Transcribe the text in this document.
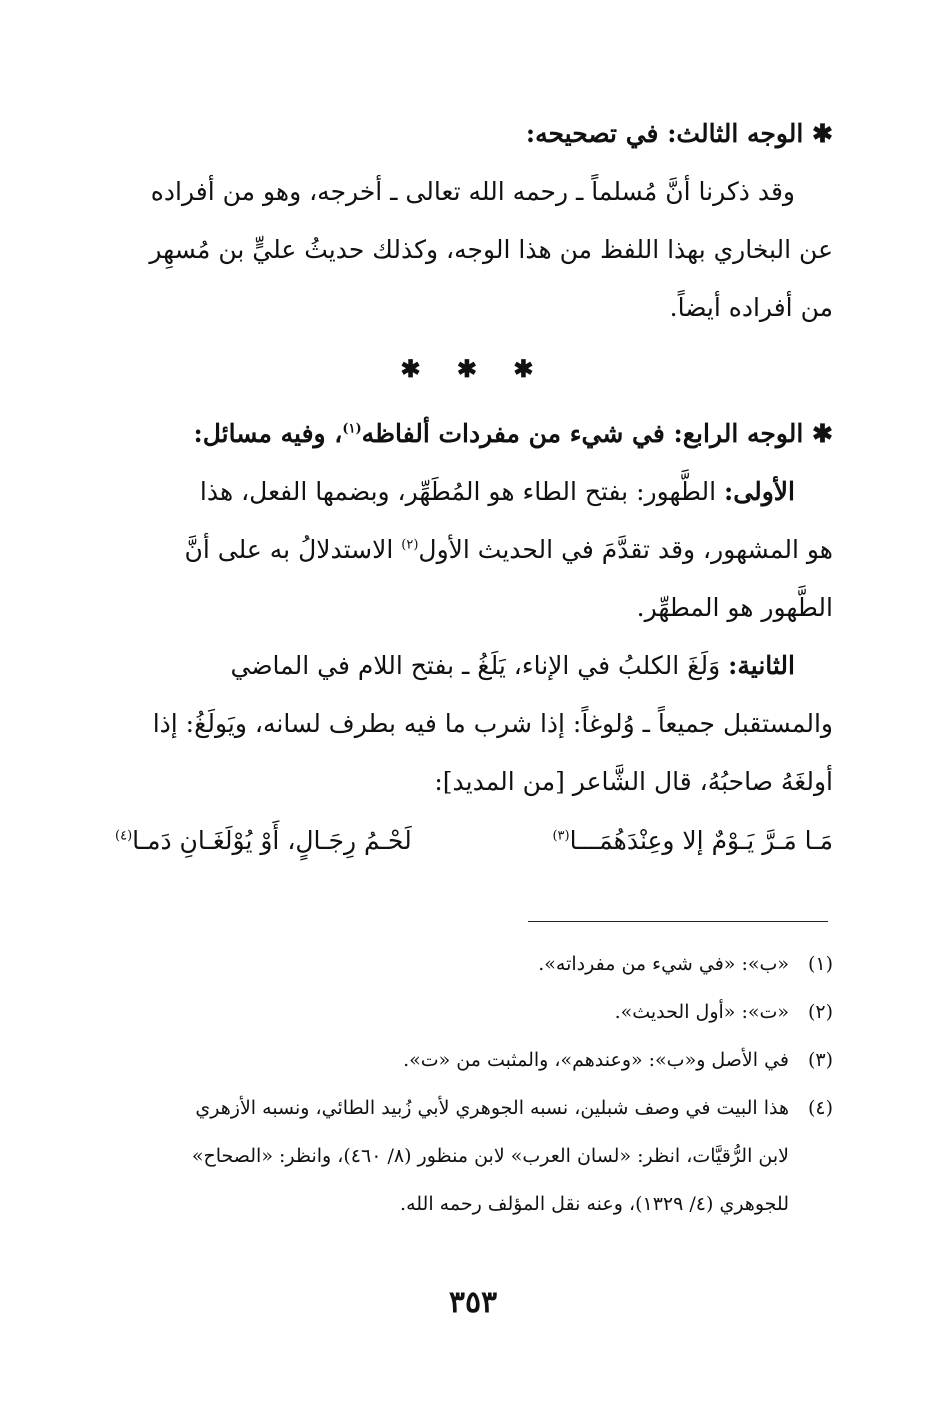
✱ الوجه الثالث: في تصحيحه:
وقد ذكرنا أنَّ مُسلماً ـ رحمه الله تعالى ـ أخرجه، وهو من أفراده
عن البخاري بهذا اللفظ من هذا الوجه، وكذلك حديثُ عليٍّ بن مُسهِر
من أفراده أيضاً.
✱ ✱ ✱
✱ الوجه الرابع: في شيء من مفردات ألفاظه$^{(١)}$، وفيه مسائل:
الأولى: الطَّهور: بفتح الطاء هو المُطَهِّر، وبضمها الفعل، هذا
هو المشهور، وقد تقدَّمَ في الحديث الأول$^{(٢)}$ الاستدلالُ به على أنَّ
الطَّهور هو المطهِّر.
الثانية: وَلَغَ الكلبُ في الإناء، يَلَغُ ـ بفتح اللام في الماضي
والمستقبل جميعاً ـ وُلوغاً: إذا شرب ما فيه بطرف لسانه، ويَولَغُ: إذا
أولغَهُ صاحبُهُ، قال الشَّاعر [من المديد]:
مَـا مَـرَّ يَـوْمٌ إلا وعِنْدَهُمَـــا$^{(٣)}$
لَحْـمُ رِجَـالٍ، أَوْ يُوْلَغَـانِ دَمـا$^{(٤)}$
(١)«ب»: «في شيء من مفرداته».
(٢)«ت»: «أول الحديث».
(٣)في الأصل و«ب»: «وعندهم»، والمثبت من «ت».
(٤)هذا البيت في وصف شبلين، نسبه الجوهري لأبي زُبيد الطائي، ونسبه الأزهري
لابن الرُّقيَّات، انظر: «لسان العرب» لابن منظور (٨/ ٤٦٠)، وانظر: «الصحاح»
للجوهري (٤/ ١٣٢٩)، وعنه نقل المؤلف رحمه الله.
٣٥٣
